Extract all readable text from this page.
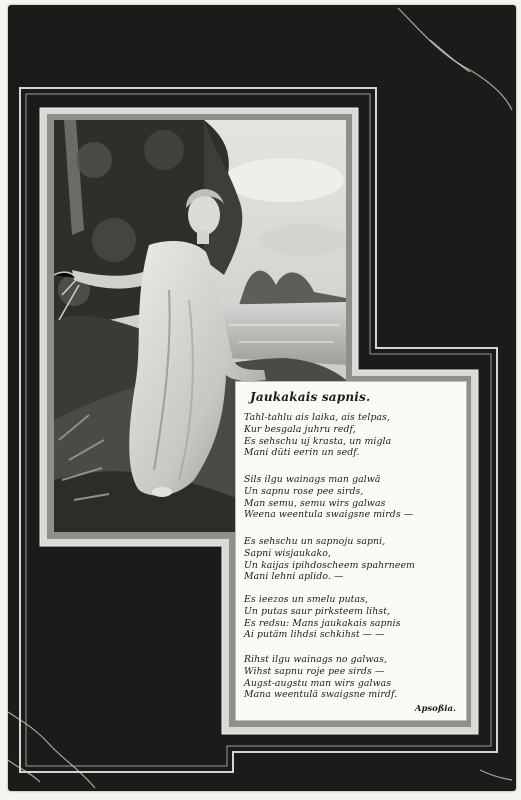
Jaukakais sapnis.
Tahl-tahlu ais laika, ais telpas,
Kur besgala juhru redf,
Es sehschu uj krasta, un migla
Mani düti eerin un sedf.
Sils ilgu wainags man galwä
Un sapnu rose pee sirds,
Man semu, semu wirs galwas
Weena weentula swaigsne mirds —
Es sehschu un sapnoju sapni,
Sapni wisjaukako,
Un kaijas ipihdoscheem spahrneem
Mani lehni aplido. —
Es ieezos un smelu putas,
Un putas saur pirksteem lihst,
Es redsu: Mans jaukakais sapnis
Ai putäm lihdsi schkihst — —
Rihst ilgu wainags no galwas,
Wihst sapnu roje pee sirds —
Augst-augstu man wirs galwas
Mana weentulä swaigsne mirdf.
Apsoßia.
